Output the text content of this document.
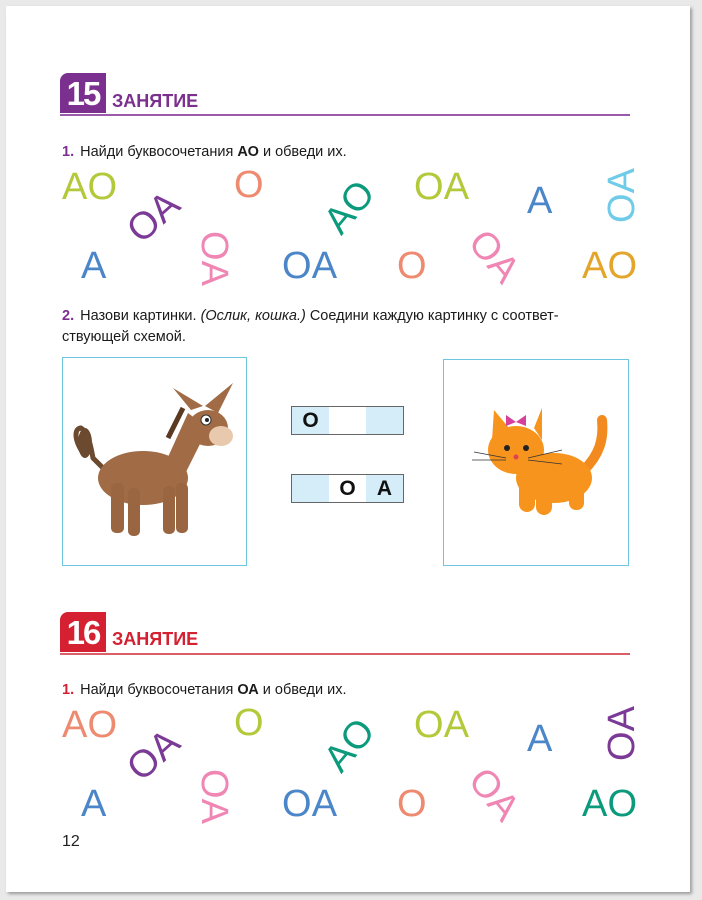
15 ЗАНЯТИЕ
1. Найди буквосочетания АО и обведи их.
АО	О АО ОА А ОА
ОА
А ОА ОА О ОА АО
2. Назови картинки. (Ослик, кошка.) Соедини каждую картинку с соответ-
ствующей схемой.
О
О	А
16 ЗАНЯТИЕ
1. Найди буквосочетания ОА и обведи их.
АО	О АО ОА А ОА
ОА
А ОА ОА О ОА АО
12
